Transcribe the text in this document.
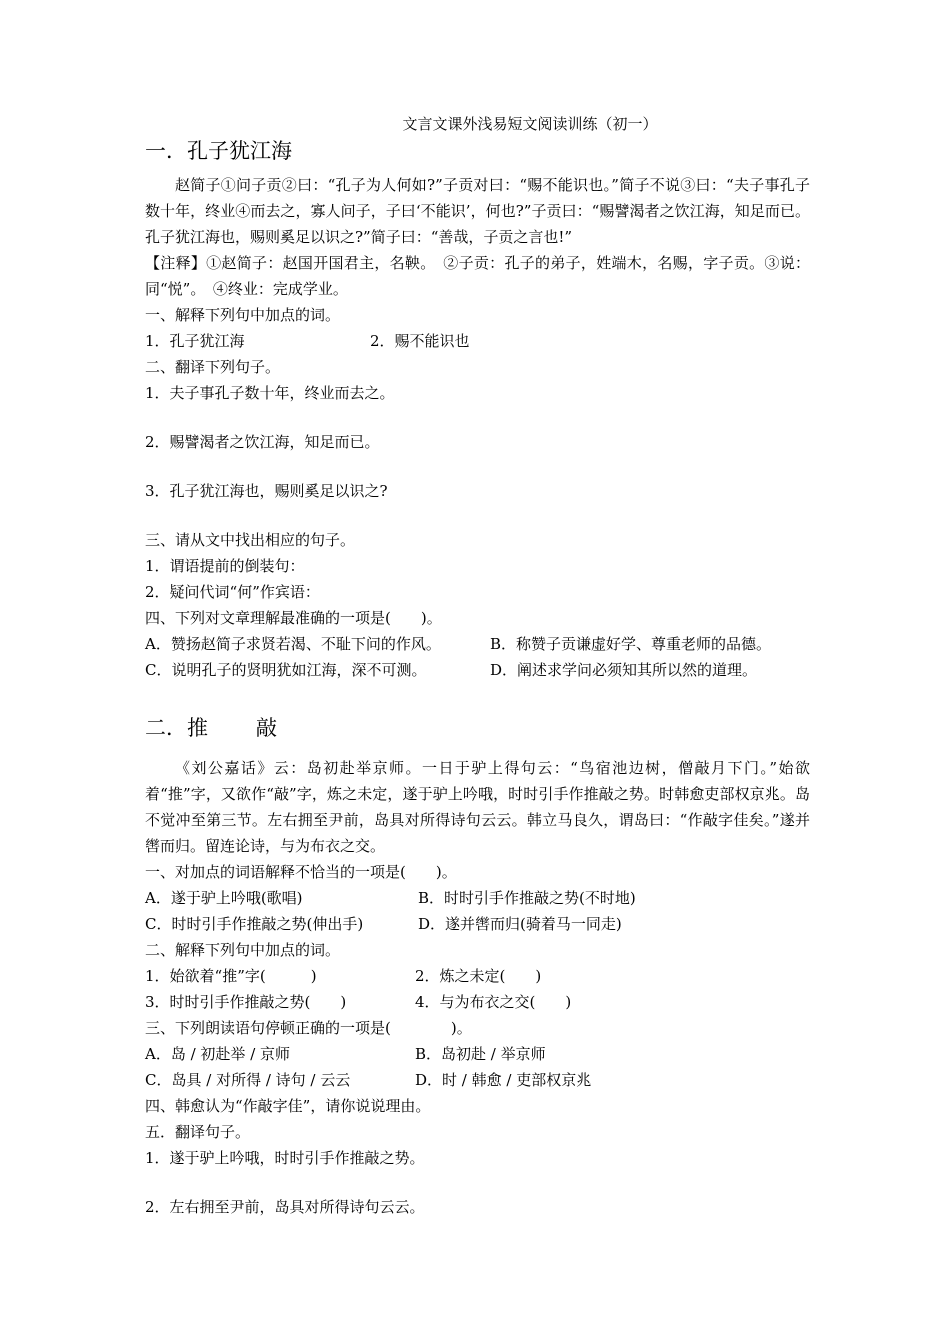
文言文课外浅易短文阅读训练（初一）
一．孔子犹江海

赵简子①问子贡②曰：“孔子为人何如?”子贡对曰：“赐不能识也。”简子不说③曰：“夫子事孔子数十年，终业④而去之，寡人问子，子曰‘不能识’，何也?”子贡曰：“赐譬渴者之饮江海，知足而已。孔子犹江海也，赐则奚足以识之?”简子曰：“善哉，子贡之言也!”

【注释】①赵简子：赵国开国君主，名鞅。　②子贡：孔子的弟子，姓端木，名赐，字子贡。③说：同“悦”。　④终业：完成学业。

一、解释下列句中加点的词。

1．孔子犹江海	2．赐不能识也

二、翻译下列句子。

1．夫子事孔子数十年，终业而去之。

2．赐譬渴者之饮江海，知足而已。

3．孔子犹江海也，赐则奚足以识之?

三、请从文中找出相应的句子。

1．谓语提前的倒装句：

2．疑问代词“何”作宾语：

四、下列对文章理解最准确的一项是(　　)。

A．赞扬赵简子求贤若渴、不耻下问的作风。	B．称赞子贡谦虚好学、尊重老师的品德。
C．说明孔子的贤明犹如江海，深不可测。	D．阐述求学问必须知其所以然的道理。
二．推 敲

《刘公嘉话》云：岛初赴举京师。一日于驴上得句云：“鸟宿池边树，僧敲月下门。”始欲着“推”字，又欲作“敲”字，炼之未定，遂于驴上吟哦，时时引手作推敲之势。时韩愈吏部权京兆。岛不觉冲至第三节。左右拥至尹前，岛具对所得诗句云云。韩立马良久，谓岛曰：“作敲字佳矣。”遂并辔而归。留连论诗，与为布衣之交。

一、对加点的词语解释不恰当的一项是(　　)。

A．遂于驴上吟哦(歌唱)	B．时时引手作推敲之势(不时地)
C．时时引手作推敲之势(伸出手)	D．遂并辔而归(骑着马一同走)

二、解释下列句中加点的词。

1．始欲着“推”字(　　　)	2．炼之未定(　　)
3．时时引手作推敲之势(　　)	4．与为布衣之交(　　)

三、下列朗读语句停顿正确的一项是(　　　　)。

A．岛 / 初赴举 / 京师	B．岛初赴 / 举京师
C．岛具 / 对所得 / 诗句 / 云云	D．时 / 韩愈 / 吏部权京兆

四、韩愈认为“作敲字佳”，请你说说理由。

五．翻译句子。

1．遂于驴上吟哦，时时引手作推敲之势。

2．左右拥至尹前，岛具对所得诗句云云。
